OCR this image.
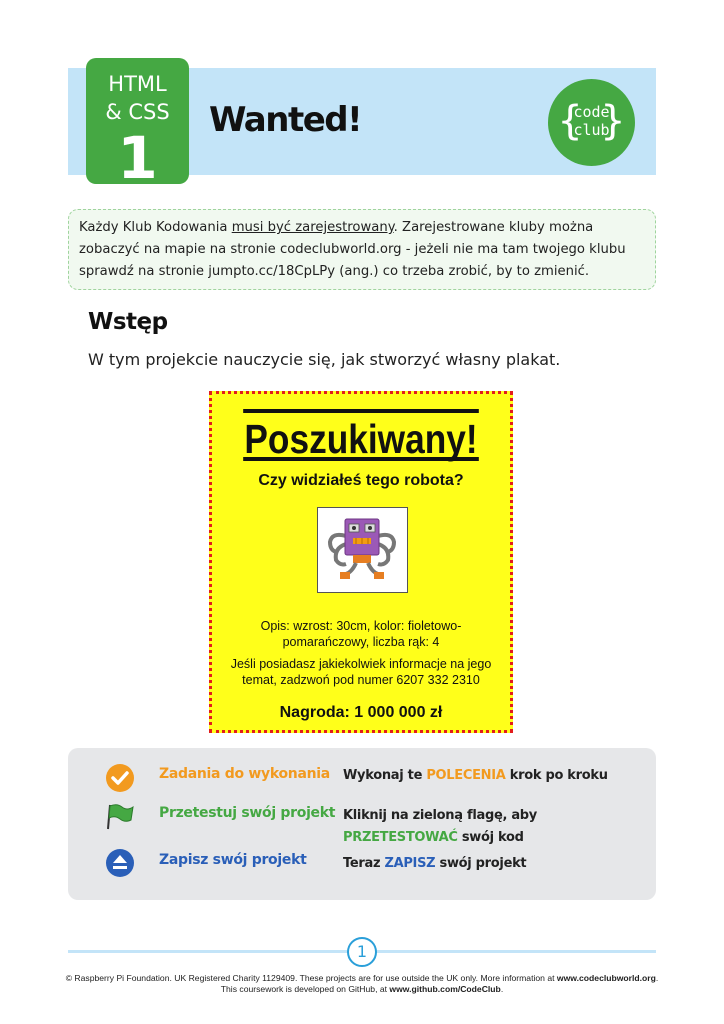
HTML
& CSS
1
Wanted!	{ }
code
club
Każdy Klub Kodowania musi być zarejestrowany. Zarejestrowane kluby można zobaczyć na mapie na stronie codeclubworld.org - jeżeli nie ma tam twojego klubu sprawdź na stronie jumpto.cc/18CpLPy (ang.) co trzeba zrobić, by to zmienić.
Wstęp
W tym projekcie nauczycie się, jak stworzyć własny plakat.
Poszukiwany!
Czy widziałeś tego robota?
Opis: wzrost: 30cm, kolor: fioletowo-pomarańczowy, liczba rąk: 4
Jeśli posiadasz jakiekolwiek informacje na jego temat, zadzwoń pod numer 6207 332 2310
Nagroda: 1 000 000 zł
Zadania do wykonania Wykonaj te POLECENIA krok po kroku
Przetestuj swój projekt Kliknij na zieloną flagę, aby
PRZETESTOWAĆ swój kod
Zapisz swój projekt	Teraz ZAPISZ swój projekt
1
© Raspberry Pi Foundation. UK Registered Charity 1129409. These projects are for use outside the UK only. More information at www.codeclubworld.org.
This coursework is developed on GitHub, at www.github.com/CodeClub.
